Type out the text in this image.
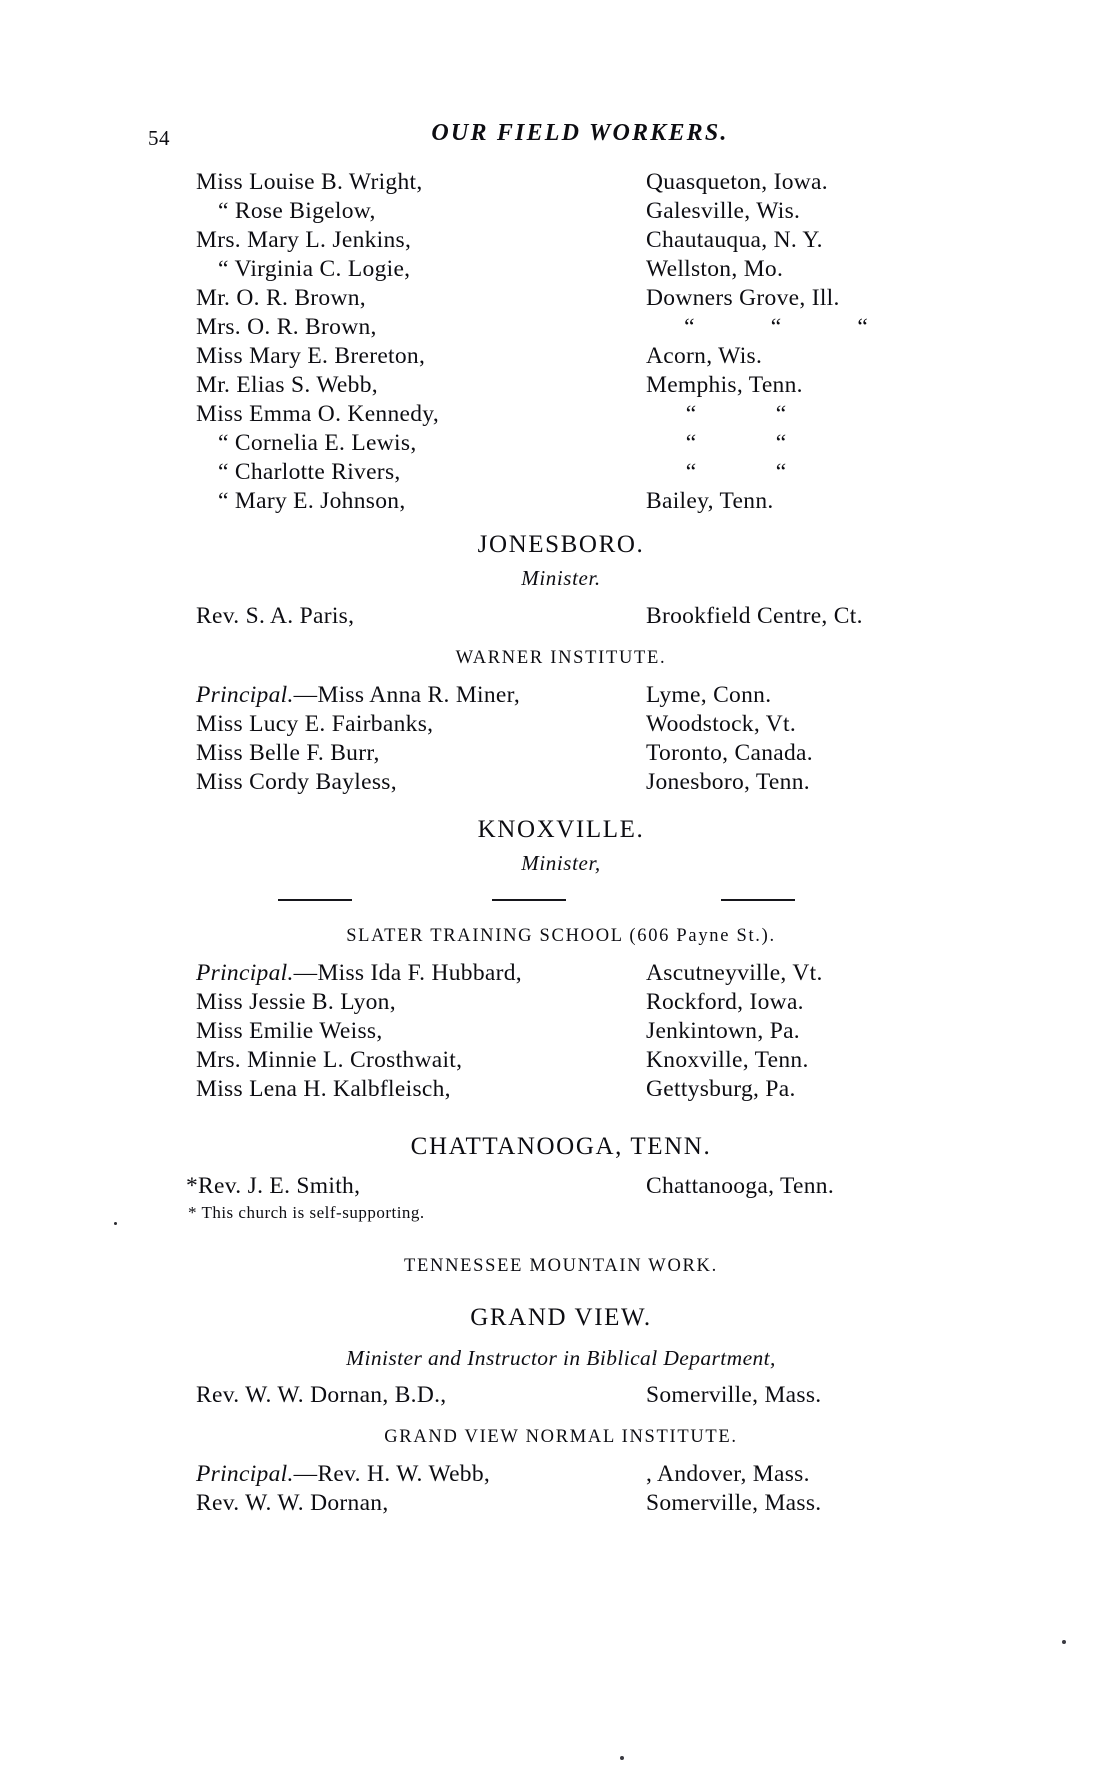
54	OUR FIELD WORKERS.
Miss Louise B. Wright,	Quasqueton, Iowa.
“ Rose Bigelow,	Galesville, Wis.
Mrs. Mary L. Jenkins,	Chautauqua, N. Y.
“ Virginia C. Logie,	Wellston, Mo.
Mr. O. R. Brown,	Downers Grove, Ill.
Mrs. O. R. Brown,	“	“	“
Miss Mary E. Brereton,	Acorn, Wis.
Mr. Elias S. Webb,	Memphis, Tenn.
Miss Emma O. Kennedy,	“	“
“ Cornelia E. Lewis,	“	“
“ Charlotte Rivers,	“	“
“ Mary E. Johnson,	Bailey, Tenn.
JONESBORO.
Minister.
Rev. S. A. Paris,	Brookfield Centre, Ct.
WARNER INSTITUTE.
Principal.—Miss Anna R. Miner,	Lyme, Conn.
Miss Lucy E. Fairbanks,	Woodstock, Vt.
Miss Belle F. Burr,	Toronto, Canada.
Miss Cordy Bayless,	Jonesboro, Tenn.
KNOXVILLE.
Minister,
SLATER TRAINING SCHOOL (606 Payne St.).
Principal.—Miss Ida F. Hubbard,	Ascutneyville, Vt.
Miss Jessie B. Lyon,	Rockford, Iowa.
Miss Emilie Weiss,	Jenkintown, Pa.
Mrs. Minnie L. Crosthwait,	Knoxville, Tenn.
Miss Lena H. Kalbfleisch,	Gettysburg, Pa.
CHATTANOOGA, TENN.
*Rev. J. E. Smith,	Chattanooga, Tenn.
* This church is self-supporting.
TENNESSEE MOUNTAIN WORK.
GRAND VIEW.
Minister and Instructor in Biblical Department,
Rev. W. W. Dornan, B.D.,	Somerville, Mass.
GRAND VIEW NORMAL INSTITUTE.
Principal.—Rev. H. W. Webb,	, Andover, Mass.
Rev. W. W. Dornan,	Somerville, Mass.
